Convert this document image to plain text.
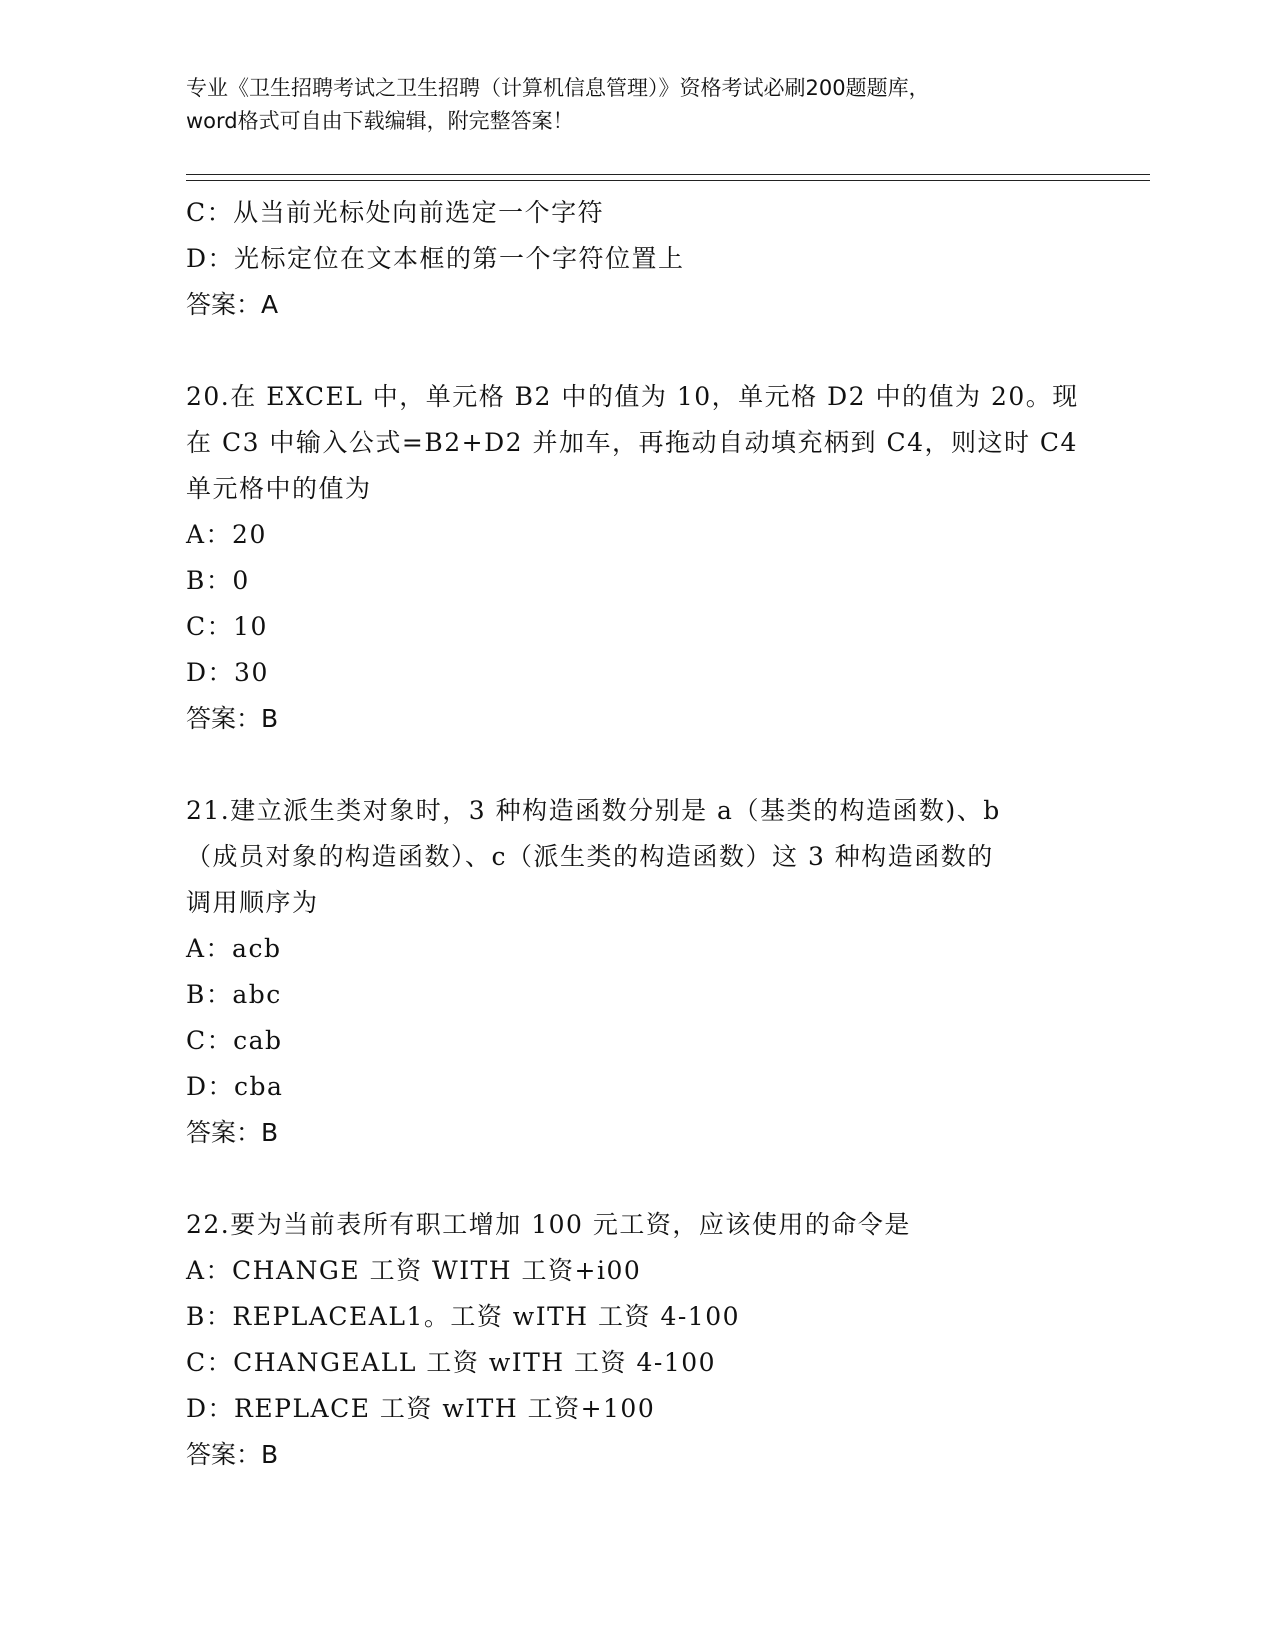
专业《卫生招聘考试之卫生招聘（计算机信息管理）》资格考试必刷200题题库，
word格式可自由下载编辑，附完整答案！
C：从当前光标处向前选定一个字符
D：光标定位在文本框的第一个字符位置上
答案：A
20.在 EXCEL 中，单元格 B2 中的值为 10，单元格 D2 中的值为 20。现
在 C3 中输入公式=B2+D2 并加车，再拖动自动填充柄到 C4，则这时 C4
单元格中的值为
A：20
B：0
C：10
D：30
答案：B
21.建立派生类对象时，3 种构造函数分别是 a（基类的构造函数)、b
（成员对象的构造函数）、c（派生类的构造函数）这 3 种构造函数的
调用顺序为
A：acb
B：abc
C：cab
D：cba
答案：B
22.要为当前表所有职工增加 100 元工资，应该使用的命令是
A：CHANGE 工资 WITH 工资+i00
B：REPLACEAL1。工资 wITH 工资 4-100
C：CHANGEALL 工资 wITH 工资 4-100
D：REPLACE 工资 wITH 工资+100
答案：B
